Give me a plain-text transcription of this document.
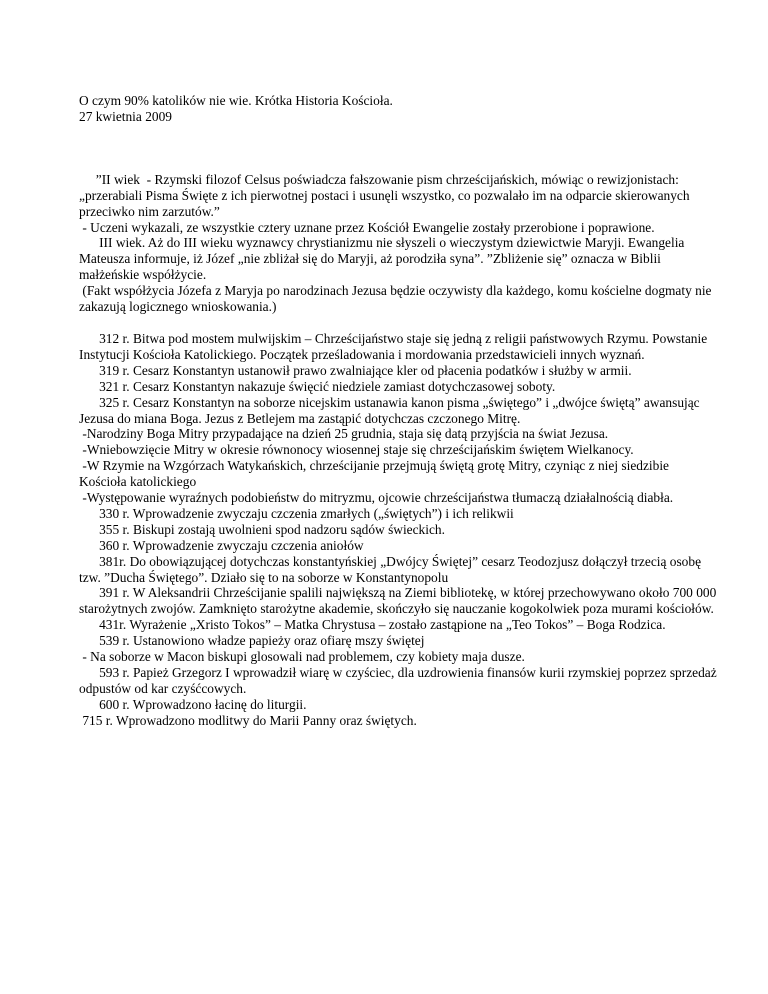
O czym 90% katolików nie wie. Krótka Historia Kościoła.

27 kwietnia 2009

”II wiek  - Rzymski filozof Celsus poświadcza fałszowanie pism chrześcijańskich, mówiąc o rewizjonistach: „przerabiali Pisma Święte z ich pierwotnej postaci i usunęli wszystko, co pozwalało im na odparcie skierowanych przeciwko nim zarzutów.”

- Uczeni wykazali, ze wszystkie cztery uznane przez Kościół Ewangelie zostały przerobione i poprawione.

III wiek. Aż do III wieku wyznawcy chrystianizmu nie słyszeli o wieczystym dziewictwie Maryji. Ewangelia Mateusza informuje, iż Józef „nie zbliżał się do Maryji, aż porodziła syna”. ”Zbliżenie się” oznacza w Biblii małżeńskie współżycie.

(Fakt współżycia Józefa z Maryja po narodzinach Jezusa będzie oczywisty dla każdego, komu kościelne dogmaty nie zakazują logicznego wnioskowania.)

312 r. Bitwa pod mostem mulwijskim – Chrześcijaństwo staje się jedną z religii państwowych Rzymu. Powstanie Instytucji Kościoła Katolickiego. Początek prześladowania i mordowania przedstawicieli innych wyznań.

319 r. Cesarz Konstantyn ustanowił prawo zwalniające kler od płacenia podatków i służby w armii.

321 r. Cesarz Konstantyn nakazuje święcić niedziele zamiast dotychczasowej soboty.

325 r. Cesarz Konstantyn na soborze nicejskim ustanawia kanon pisma „świętego” i „dwójce świętą” awansując Jezusa do miana Boga. Jezus z Betlejem ma zastąpić dotychczas czczonego Mitrę.

-Narodziny Boga Mitry przypadające na dzień 25 grudnia, staja się datą przyjścia na świat Jezusa.

-Wniebowzięcie Mitry w okresie równonocy wiosennej staje się chrześcijańskim świętem Wielkanocy.

-W Rzymie na Wzgórzach Watykańskich, chrześcijanie przejmują świętą grotę Mitry, czyniąc z niej siedzibie Kościoła katolickiego

-Występowanie wyraźnych podobieństw do mitryzmu, ojcowie chrześcijaństwa tłumaczą działalnością diabła.

330 r. Wprowadzenie zwyczaju czczenia zmarłych („świętych”) i ich relikwii

355 r. Biskupi zostają uwolnieni spod nadzoru sądów świeckich.

360 r. Wprowadzenie zwyczaju czczenia aniołów

381r. Do obowiązującej dotychczas konstantyńskiej „Dwójcy Świętej” cesarz Teodozjusz dołączył trzecią osobę tzw. ”Ducha Świętego”. Działo się to na soborze w Konstantynopolu

391 r. W Aleksandrii Chrześcijanie spalili największą na Ziemi bibliotekę, w której przechowywano około 700 000 starożytnych zwojów. Zamknięto starożytne akademie, skończyło się nauczanie kogokolwiek poza murami kościołów.

431r. Wyrażenie „Xristo Tokos” – Matka Chrystusa – zostało zastąpione na „Teo Tokos” – Boga Rodzica.

539 r. Ustanowiono władze papieży oraz ofiarę mszy świętej

- Na soborze w Macon biskupi glosowali nad problemem, czy kobiety maja dusze.

593 r. Papież Grzegorz I wprowadził wiarę w czyściec, dla uzdrowienia finansów kurii rzymskiej poprzez sprzedaż odpustów od kar czyśćcowych.

600 r. Wprowadzono łacinę do liturgii.

715 r. Wprowadzono modlitwy do Marii Panny oraz świętych.
